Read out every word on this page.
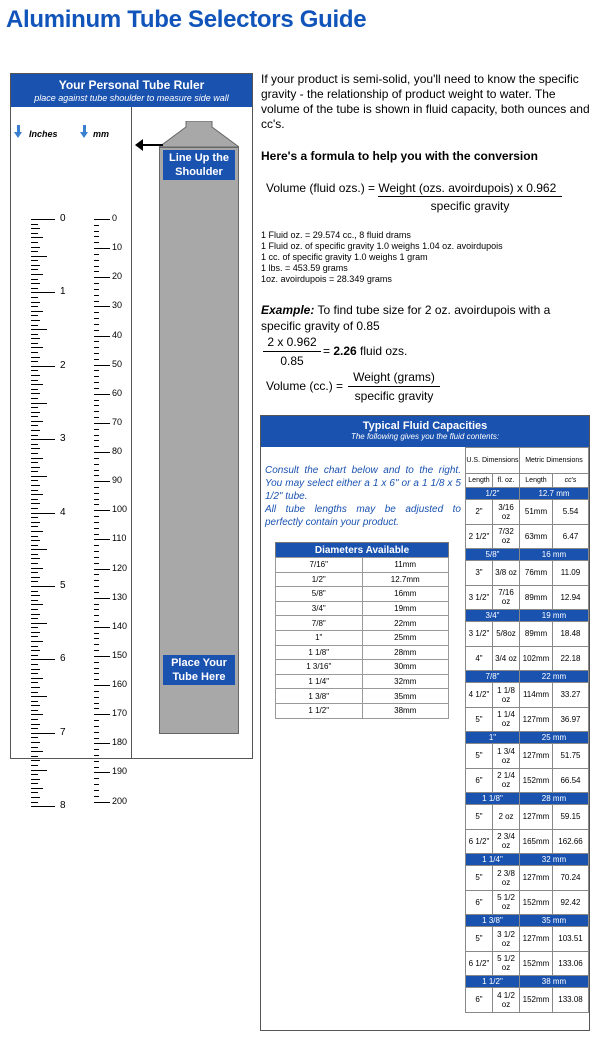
Aluminum Tube Selectors Guide
Your Personal Tube Ruler
place against tube shoulder to measure side wall
Inches	mm
Line Up the Shoulder
Place Your Tube Here
0
1
2
3
4
5
6
7
8
0
10
20
30
40
50
60
70
80
90
100
110
120
130
140
150
160
170
180
190
200
If your product is semi-solid, you'll need to know the specific gravity - the relationship of product weight to water. The volume of the tube is shown in fluid capacity, both ounces and cc's.
Here's a formula to help you with the conversion
Volume (fluid ozs.) = Weight (ozs. avoirdupois) x 0.962
specific gravity
1 Fluid oz. = 29.574 cc., 8 fluid drams
1 Fluid oz. of specific gravity 1.0 weighs 1.04 oz. avoirdupois
1 cc. of specific gravity 1.0 weighs 1 gram
1 lbs. = 453.59 grams
1oz. avoirdupois = 28.349 grams
Example: To find tube size for 2 oz. avoirdupois with a specific gravity of 0.85
2 x 0.962
0.85
= 2.26 fluid ozs.
Volume (cc.) =
Weight (grams)
specific gravity
Typical Fluid Capacities
The following gives you the fluid contents:
Consult the chart below and to the right. You may select either a 1 x 6" or a 1 1/8 x 5 1/2" tube.
All tube lengths may be adjusted to perfectly contain your product.
Diameters Available	
7/16"	11mm
1/2"	12.7mm
5/8"	16mm
3/4"	19mm
7/8"	22mm
1"	25mm
1 1/8"	28mm
1 3/16"	30mm
1 1/4"	32mm
1 3/8"	35mm
1 1/2"	38mm
U.S. Dimensions		Metric Dimensions	
Length	fl. oz.	Length	cc's
1/2"		12.7 mm	
2"	3/16 oz	51mm	5.54
2 1/2"	7/32 oz	63mm	6.47
5/8"		16 mm	
3"	3/8 oz	76mm	11.09
3 1/2"	7/16 oz	89mm	12.94
3/4"		19 mm	
3 1/2"	5/8oz	89mm	18.48
4"	3/4 oz	102mm	22.18
7/8"		22 mm	
4 1/2"	1 1/8 oz	114mm	33.27
5"	1 1/4 oz	127mm	36.97
1"		25 mm	
5"	1 3/4 oz	127mm	51.75
6"	2 1/4 oz	152mm	66.54
1 1/8"		28 mm	
5"	2 oz	127mm	59.15
6 1/2"	2 3/4 oz	165mm	162.66
1 1/4"		32 mm	
5"	2 3/8 oz	127mm	70.24
6"	5 1/2 oz	152mm	92.42
1 3/8"		35 mm	
5"	3 1/2 oz	127mm	103.51
6 1/2"	5 1/2 oz	152mm	133.06
1 1/2"		38 mm	
6"	4 1/2 oz	152mm	133.08
